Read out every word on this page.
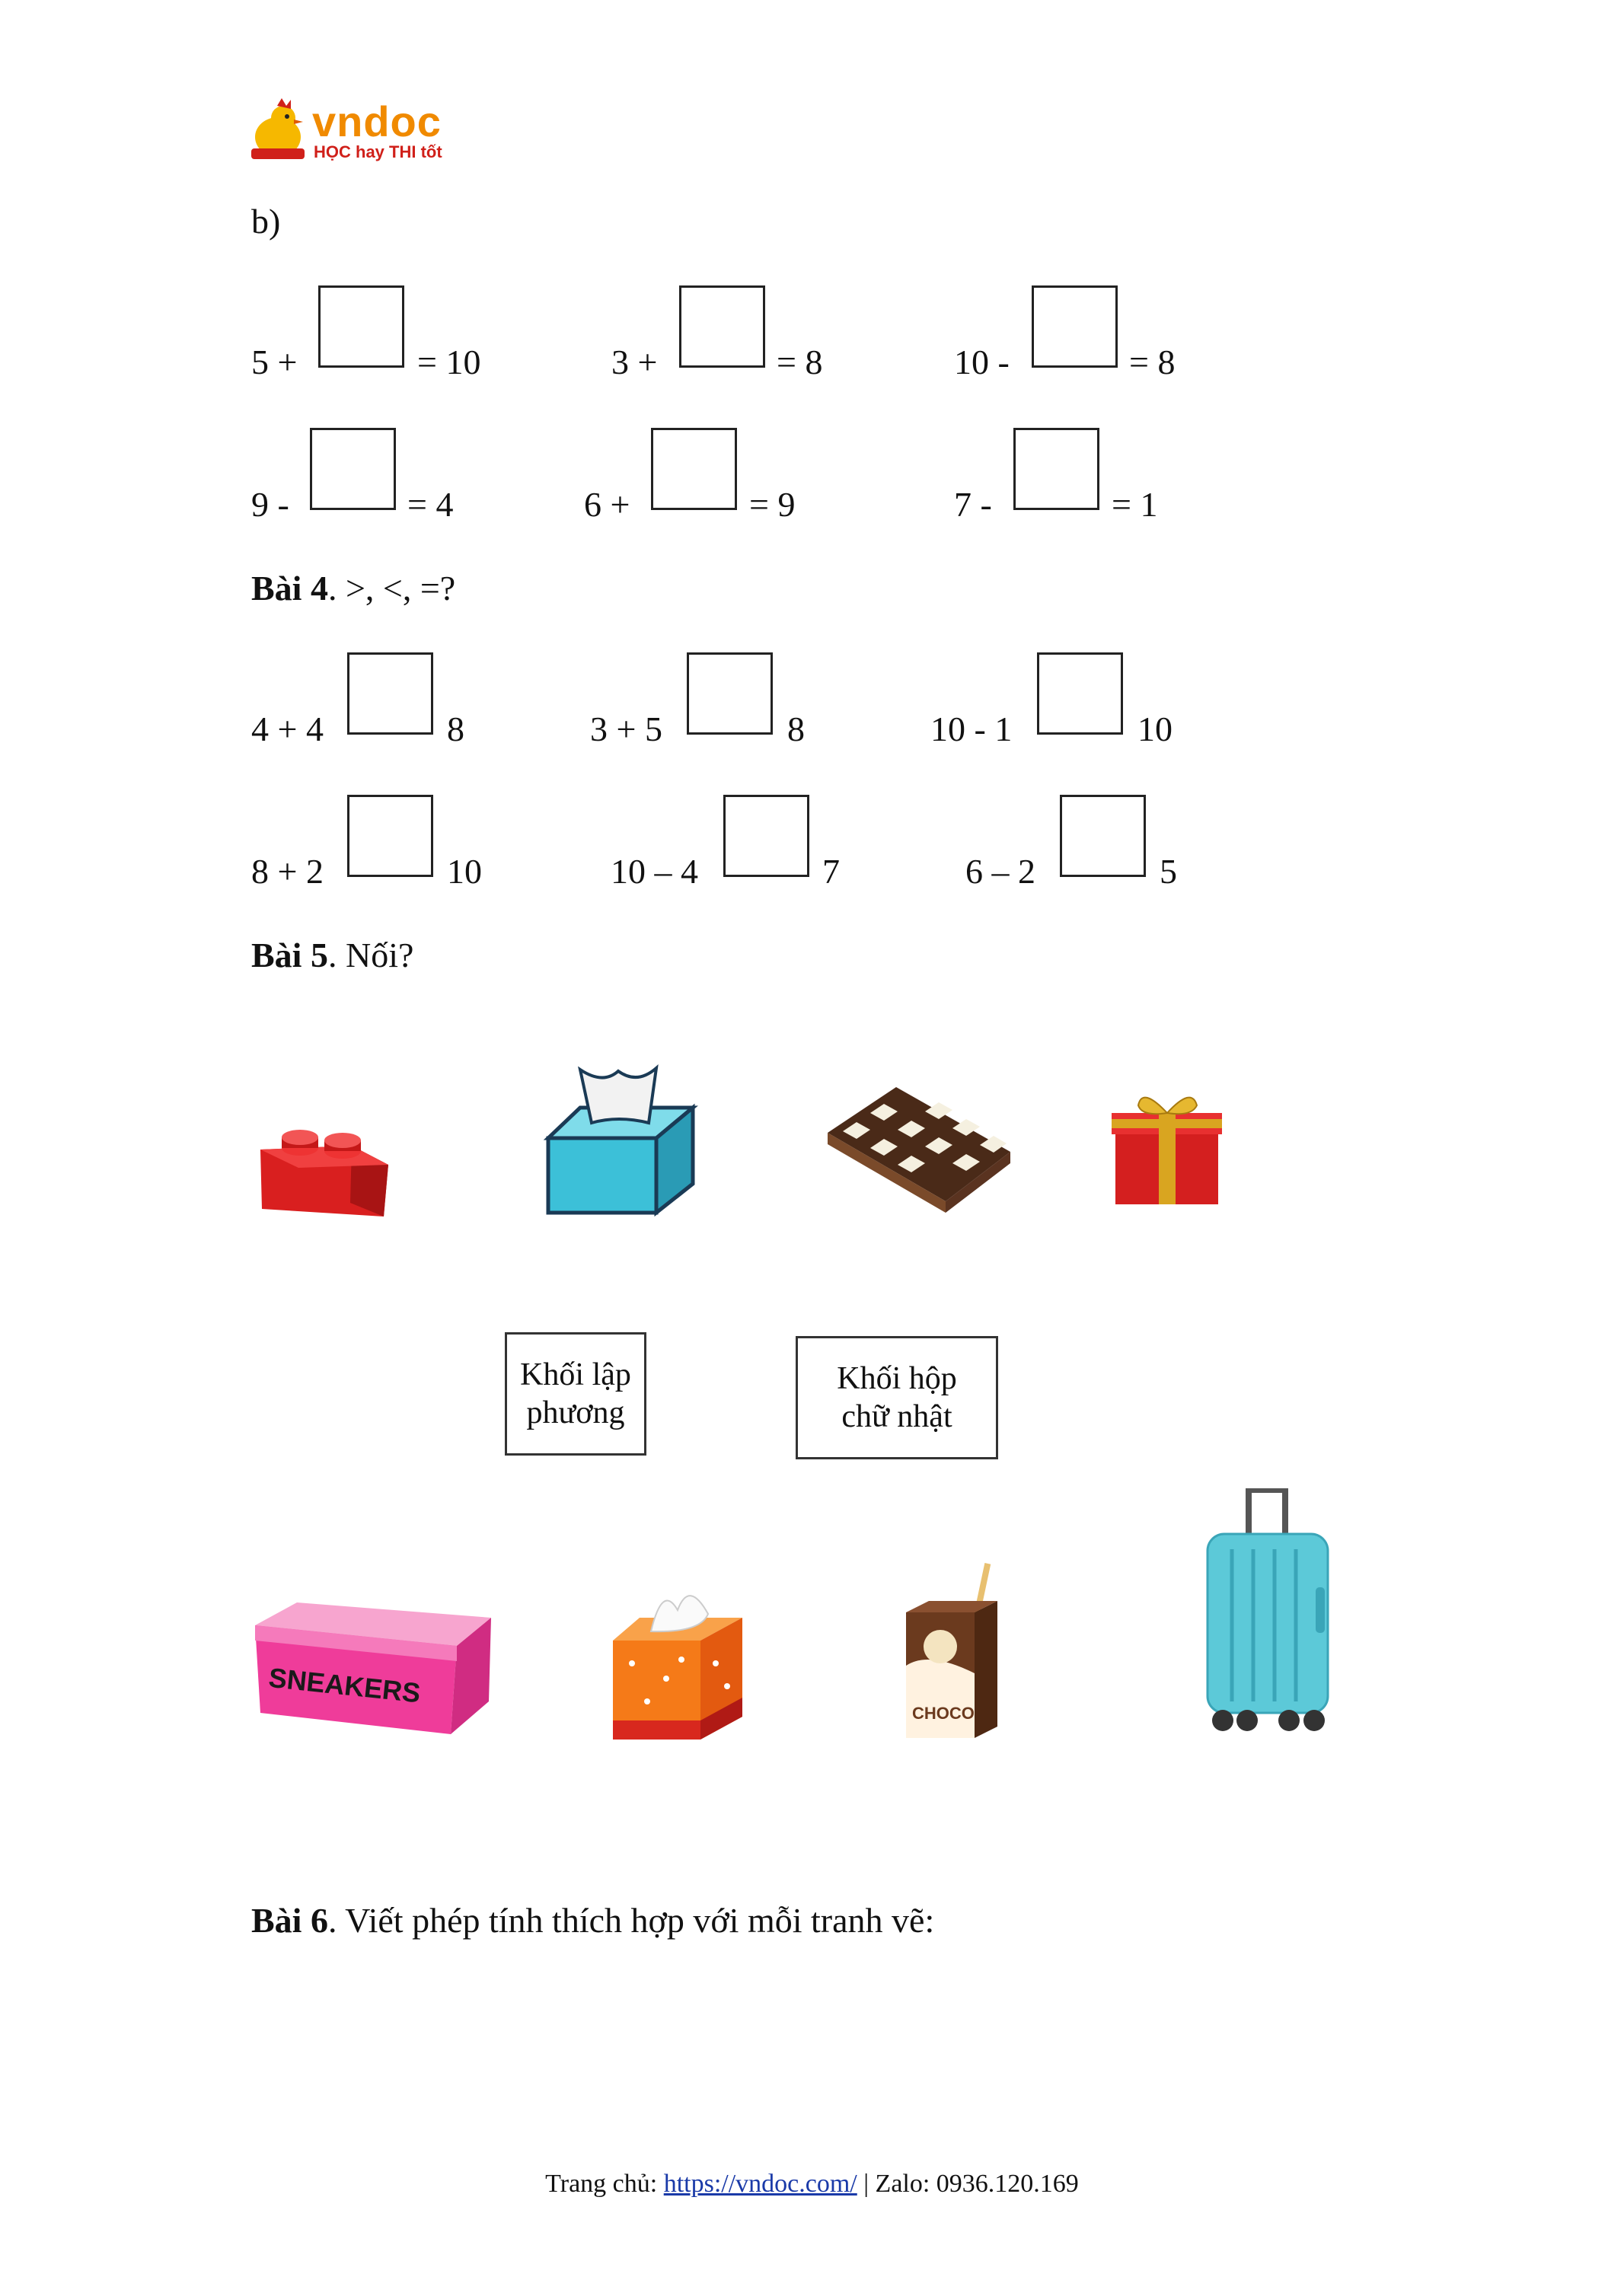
vndoc
HỌC hay THI tốt
b)
5 +	= 10	3 +	= 8	10 -	= 8
9 -	= 4	6 +	= 9	7 -	= 1
Bài 4. >, <, =?
4 + 4	8	3 + 5	8	10 - 1	10
8 + 2	10	10 – 4	7	6 – 2	5
Bài 5. Nối?
Khối lập
phương
Khối hộp
chữ nhật
SNEAKERS
CHOCO
Bài 6. Viết phép tính thích hợp với mỗi tranh vẽ:
Trang chủ: https://vndoc.com/ | Zalo: 0936.120.169
